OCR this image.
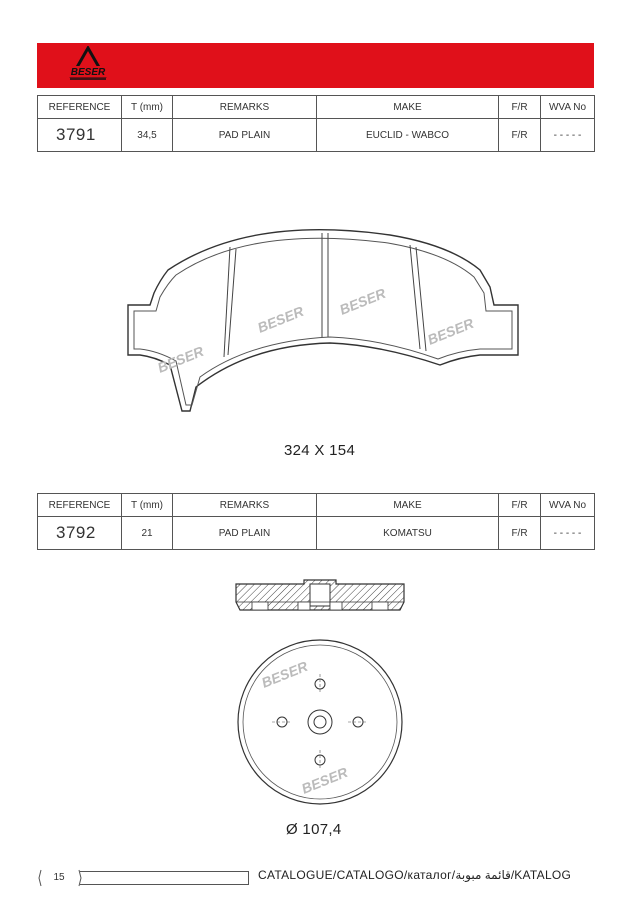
BESER
REFERENCE	T (mm)	REMARKS	MAKE	F/R	WVA No
3791	34,5	PAD PLAIN	EUCLID - WABCO	F/R	- - - - -
BESER
BESER
BESER
BESER
324 X 154
REFERENCE	T (mm)	REMARKS	MAKE	F/R	WVA No
3792	21	PAD PLAIN	KOMATSU	F/R	- - - - -
BESER
BESER
Ø 107,4
15	CATALOGUE/CATALOGO/каталог/قائمة مبوبة/KATALOG
